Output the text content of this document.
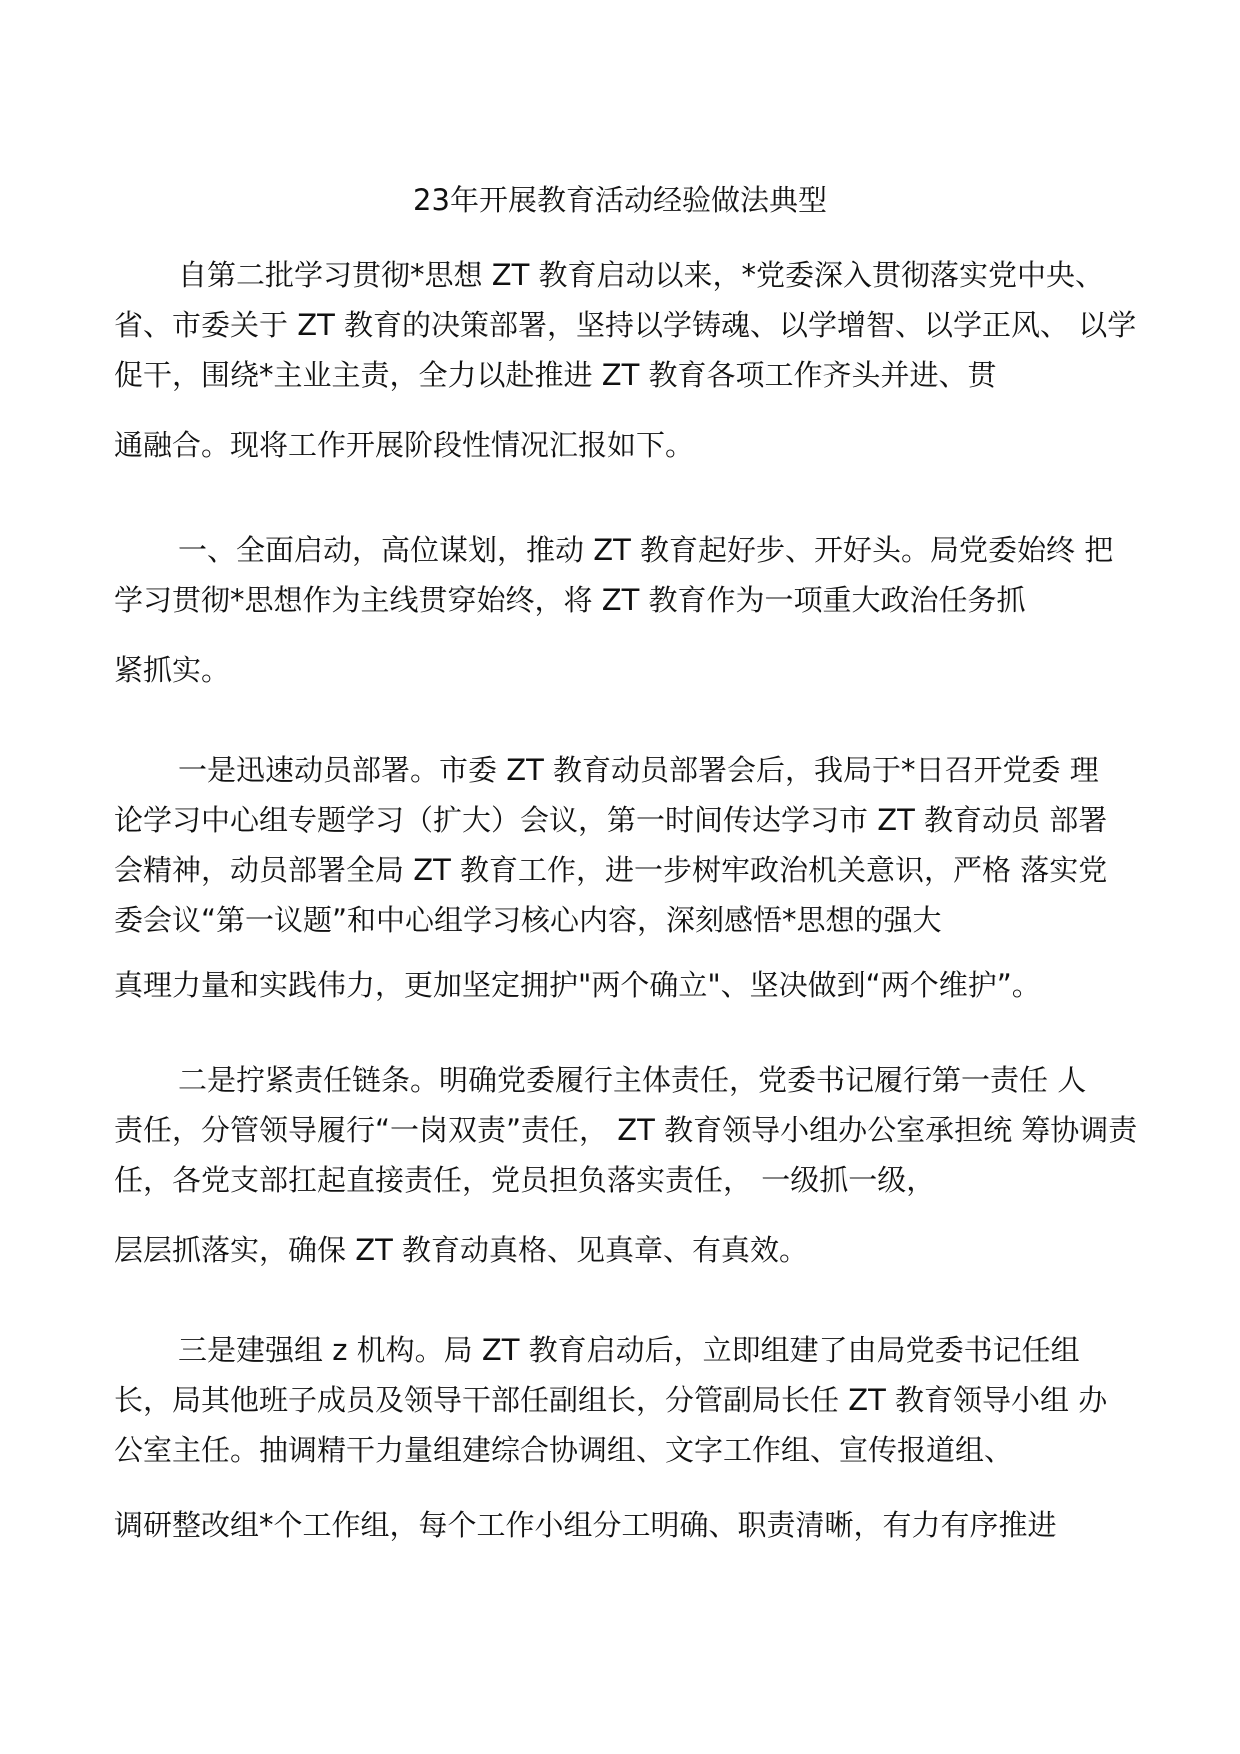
23年开展教育活动经验做法典型
自第二批学习贯彻*思想 ZT 教育启动以来，*党委深入贯彻落实党中央、
省、市委关于 ZT 教育的决策部署，坚持以学铸魂、以学增智、以学正风、 以学
促干，围绕*主业主责，全力以赴推进 ZT 教育各项工作齐头并进、贯
通融合。现将工作开展阶段性情况汇报如下。
一、全面启动，高位谋划，推动 ZT 教育起好步、开好头。局党委始终 把
学习贯彻*思想作为主线贯穿始终，将 ZT 教育作为一项重大政治任务抓
紧抓实。
一是迅速动员部署。市委 ZT 教育动员部署会后，我局于*日召开党委 理
论学习中心组专题学习（扩大）会议，第一时间传达学习市 ZT 教育动员 部署
会精神，动员部署全局 ZT 教育工作，进一步树牢政治机关意识，严格 落实党
委会议“第一议题”和中心组学习核心内容，深刻感悟*思想的强大
真理力量和实践伟力，更加坚定拥护"两个确立"、坚决做到“两个维护”。
二是拧紧责任链条。明确党委履行主体责任，党委书记履行第一责任 人
责任，分管领导履行“一岗双责”责任， ZT 教育领导小组办公室承担统 筹协调责
任，各党支部扛起直接责任，党员担负落实责任， 一级抓一级，
层层抓落实，确保 ZT 教育动真格、见真章、有真效。
三是建强组 z 机构。局 ZT 教育启动后，立即组建了由局党委书记任组
长，局其他班子成员及领导干部任副组长，分管副局长任 ZT 教育领导小组 办
公室主任。抽调精干力量组建综合协调组、文字工作组、宣传报道组、
调研整改组*个工作组，每个工作小组分工明确、职责清晰，有力有序推进
